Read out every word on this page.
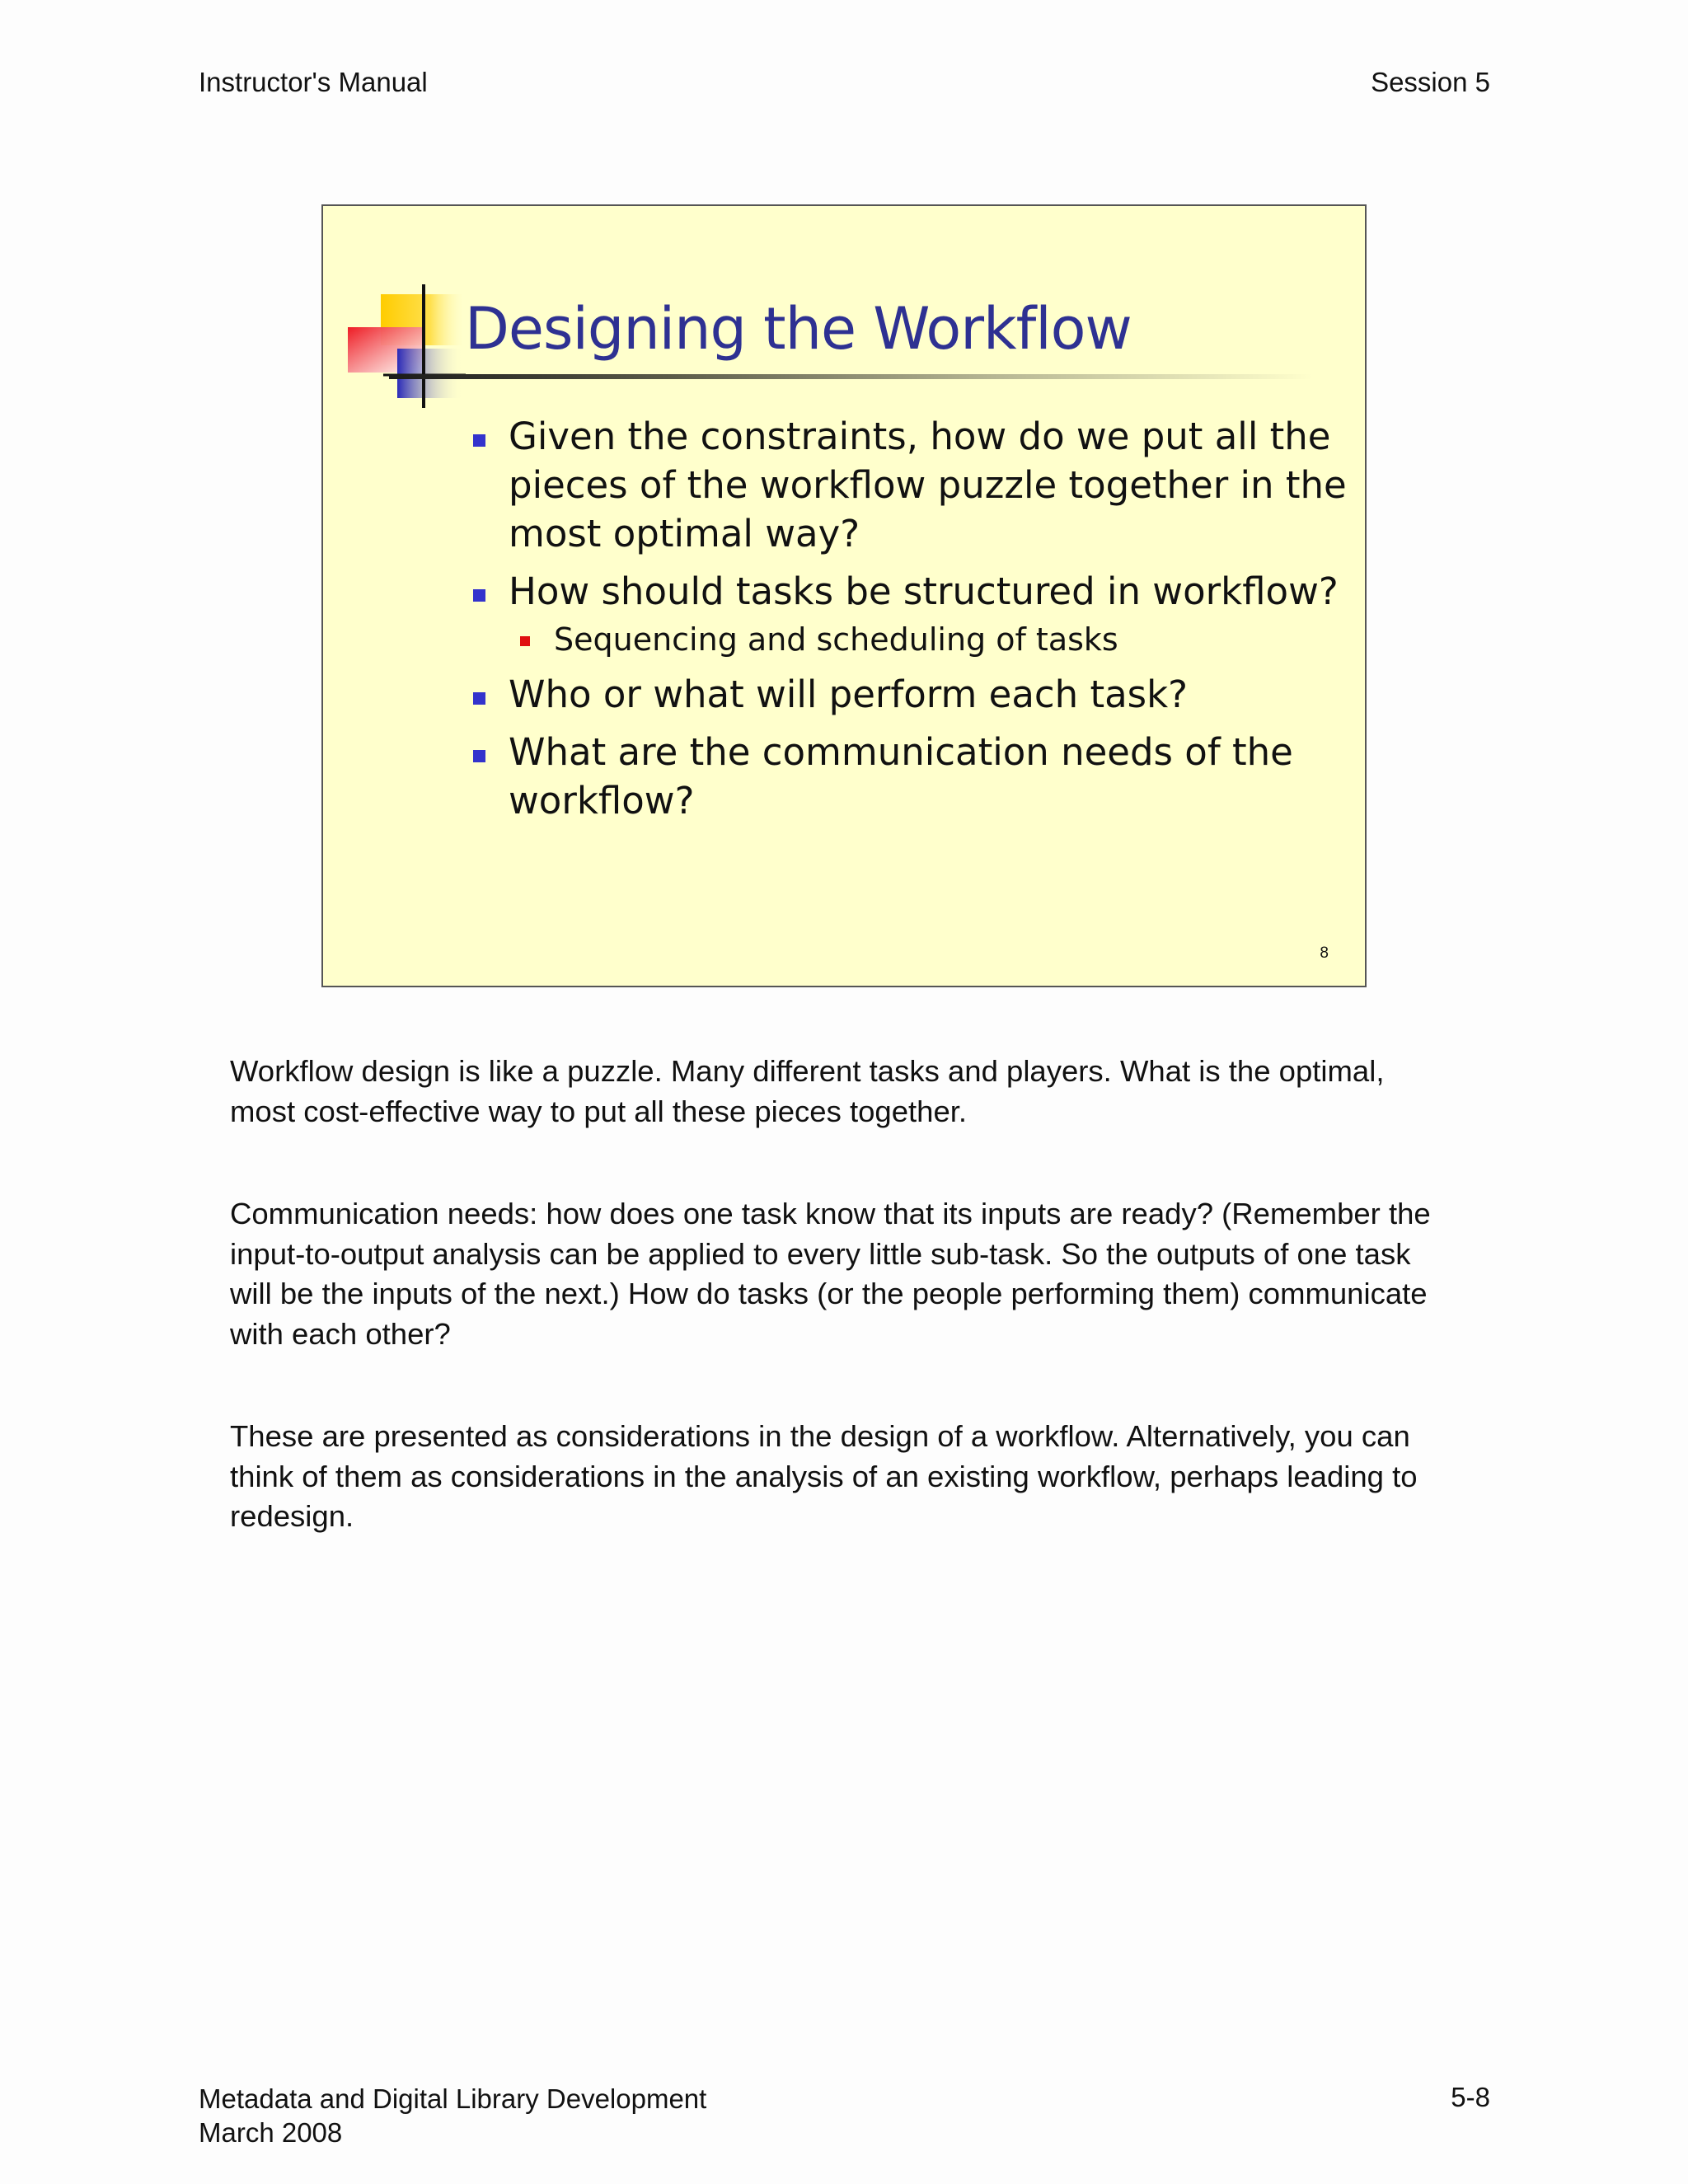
Instructor's Manual	Session 5
Designing the Workflow
Given the constraints, how do we put all the pieces of the workflow puzzle together in the most optimal way?
How should tasks be structured in workflow?
Sequencing and scheduling of tasks
Who or what will perform each task?
What are the communication needs of the workflow?
8

Workflow design is like a puzzle. Many different tasks and players. What is the optimal, most cost-effective way to put all these pieces together.

Communication needs: how does one task know that its inputs are ready? (Remember the input-to-output analysis can be applied to every little sub-task. So the outputs of one task will be the inputs of the next.) How do tasks (or the people performing them) communicate with each other?

These are presented as considerations in the design of a workflow. Alternatively, you can think of them as considerations in the analysis of an existing workflow, perhaps leading to redesign.

Metadata and Digital Library Development
March 2008
5-8
